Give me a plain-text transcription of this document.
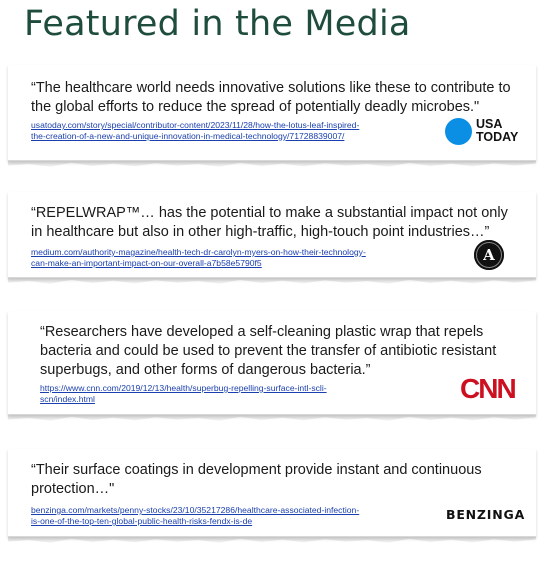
Featured in the Media
“The healthcare world needs innovative solutions like these to contribute to
the global efforts to reduce the spread of potentially deadly microbes."
usatoday.com/story/special/contributor-content/2023/11/28/how-the-lotus-leaf-inspired-
the-creation-of-a-new-and-unique-innovation-in-medical-technology/71728839007/
USA
TODAY
“REPELWRAP™… has the potential to make a substantial impact not only
in healthcare but also in other high-traffic, high-touch point industries…”
medium.com/authority-magazine/health-tech-dr-carolyn-myers-on-how-their-technology-
can-make-an-important-impact-on-our-overall-a7b58e5790f5	A
“Researchers have developed a self-cleaning plastic wrap that repels
bacteria and could be used to prevent the transfer of antibiotic resistant
superbugs, and other forms of dangerous bacteria.”
https://www.cnn.com/2019/12/13/health/superbug-repelling-surface-intl-scli-
scn/index.html	CNN
“Their surface coatings in development provide instant and continuous
protection…"
benzinga.com/markets/penny-stocks/23/10/35217286/healthcare-associated-infection-
is-one-of-the-top-ten-global-public-health-risks-fendx-is-de	BENZINGA
